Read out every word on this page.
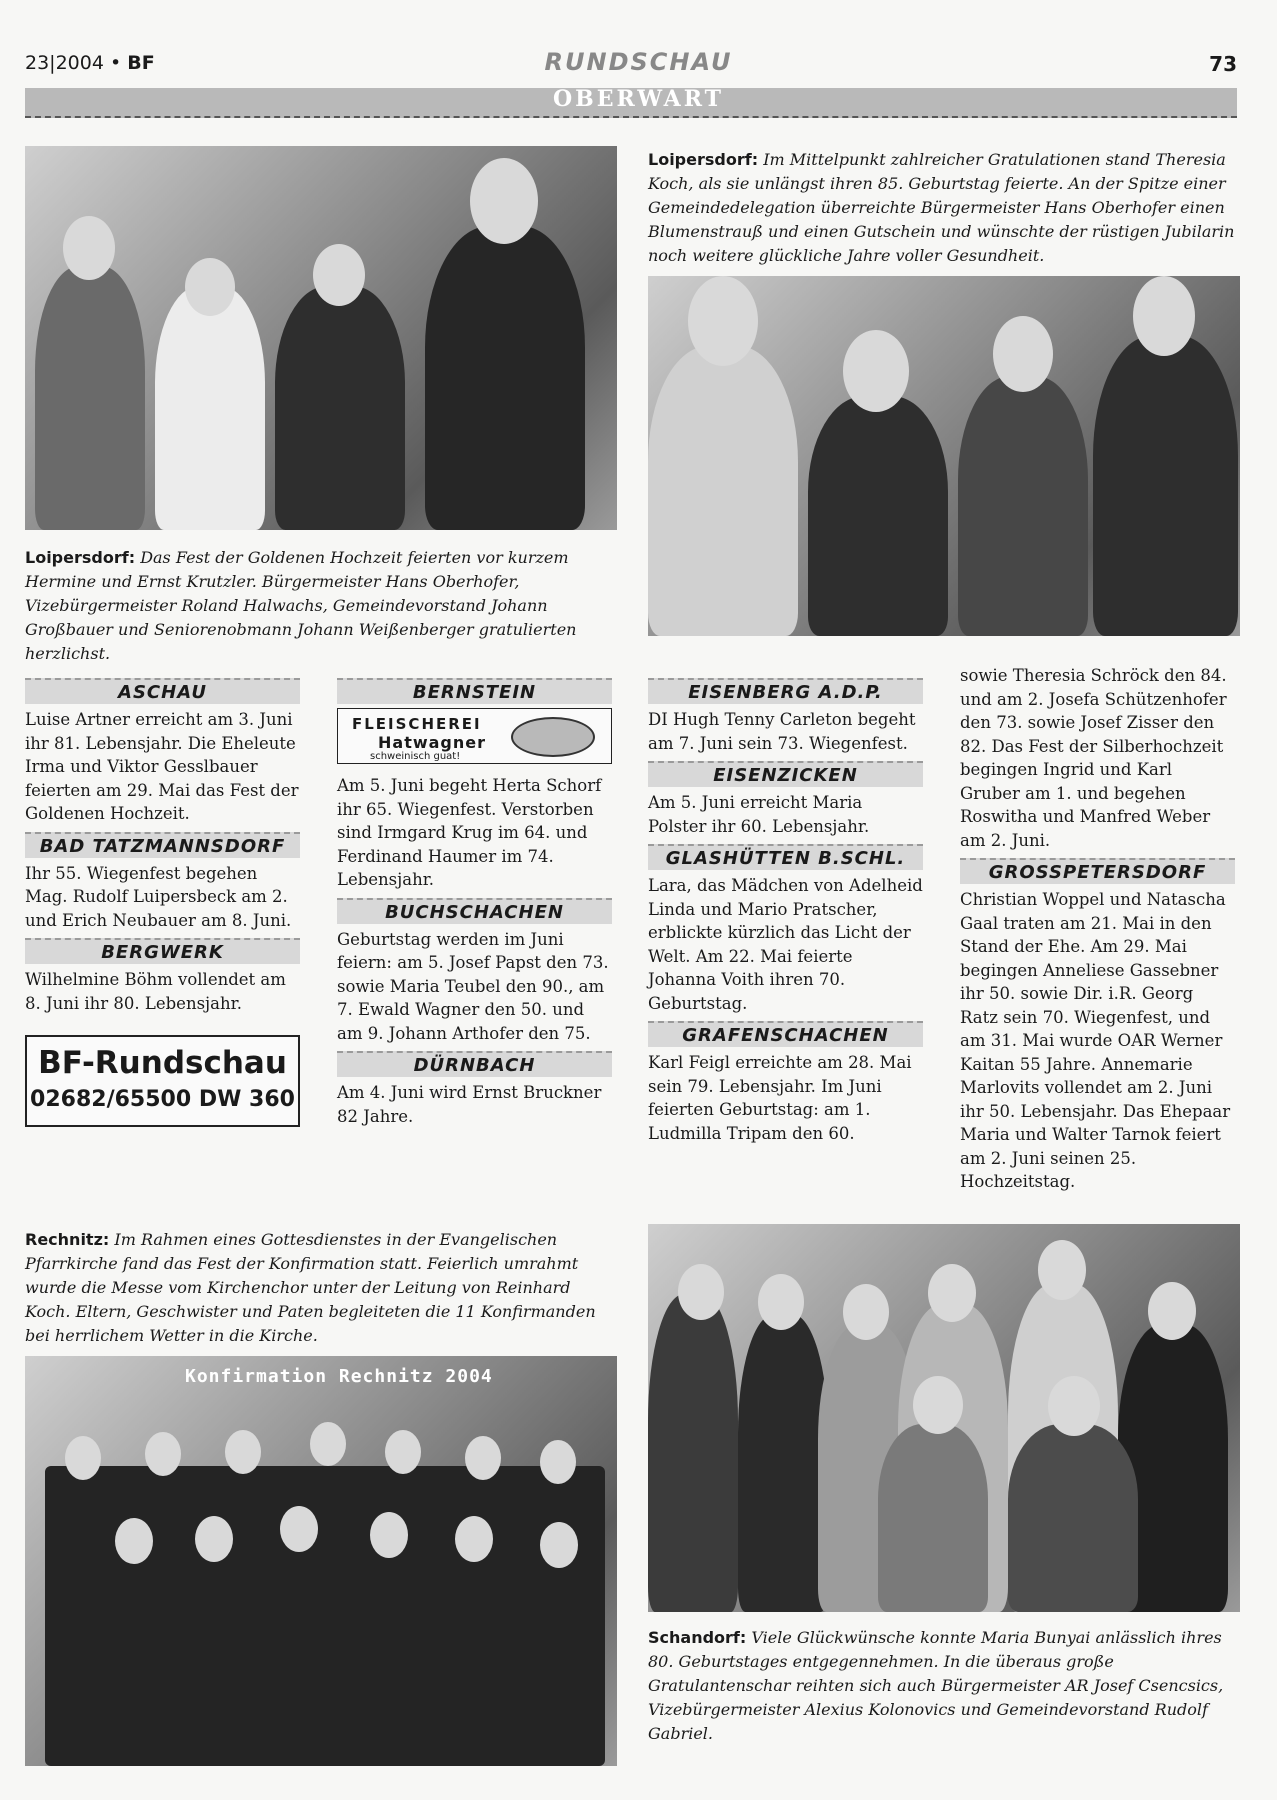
23|2004 • BF	RUNDSCHAU	73
OBERWART
Loipersdorf: Im Mittelpunkt zahlreicher Gratulationen stand Theresia Koch, als sie unlängst ihren 85. Geburtstag feierte. An der Spitze einer Gemeindedelegation überreichte Bürgermeister Hans Oberhofer einen Blumenstrauß und einen Gutschein und wünschte der rüstigen Jubilarin noch weitere glückliche Jahre voller Gesundheit.
Loipersdorf: Das Fest der Goldenen Hochzeit feierten vor kurzem Hermine und Ernst Krutzler. Bürgermeister Hans Oberhofer, Vizebürgermeister Roland Halwachs, Gemeindevorstand Johann Großbauer und Seniorenobmann Johann Weißenberger gratulierten herzlichst.
ASCHAU
Luise Artner erreicht am 3. Juni ihr 81. Lebensjahr. Die Eheleute Irma und Viktor Gesslbauer feierten am 29. Mai das Fest der Goldenen Hochzeit.
BAD TATZMANNSDORF
Ihr 55. Wiegenfest begehen Mag. Rudolf Luipersbeck am 2. und Erich Neubauer am 8. Juni.
BERGWERK
Wilhelmine Böhm vollendet am 8. Juni ihr 80. Lebensjahr.
BF-Rundschau
02682/65500 DW 360
BERNSTEIN
FLEISCHEREI
Hatwagner
schweinisch guat!
Am 5. Juni begeht Herta Schorf ihr 65. Wiegenfest. Verstorben sind Irmgard Krug im 64. und Ferdinand Haumer im 74. Lebensjahr.
BUCHSCHACHEN
Geburtstag werden im Juni feiern: am 5. Josef Papst den 73. sowie Maria Teubel den 90., am 7. Ewald Wagner den 50. und am 9. Johann Arthofer den 75.
DÜRNBACH
Am 4. Juni wird Ernst Bruckner 82 Jahre.
EISENBERG A.D.P.
DI Hugh Tenny Carleton begeht am 7. Juni sein 73. Wiegenfest.
EISENZICKEN
Am 5. Juni erreicht Maria Polster ihr 60. Lebensjahr.
GLASHÜTTEN B.SCHL.
Lara, das Mädchen von Adelheid Linda und Mario Pratscher, erblickte kürzlich das Licht der Welt. Am 22. Mai feierte Johanna Voith ihren 70. Geburtstag.
GRAFENSCHACHEN
Karl Feigl erreichte am 28. Mai sein 79. Lebensjahr. Im Juni feierten Geburtstag: am 1. Ludmilla Tripam den 60.
sowie Theresia Schröck den 84. und am 2. Josefa Schützenhofer den 73. sowie Josef Zisser den 82. Das Fest der Silberhochzeit begingen Ingrid und Karl Gruber am 1. und begehen Roswitha und Manfred Weber am 2. Juni.
GROSSPETERSDORF
Christian Woppel und Natascha Gaal traten am 21. Mai in den Stand der Ehe. Am 29. Mai begingen Anneliese Gassebner ihr 50. sowie Dir. i.R. Georg Ratz sein 70. Wiegenfest, und am 31. Mai wurde OAR Werner Kaitan 55 Jahre. Annemarie Marlovits vollendet am 2. Juni ihr 50. Lebensjahr. Das Ehepaar Maria und Walter Tarnok feiert am 2. Juni seinen 25. Hochzeitstag.
Rechnitz: Im Rahmen eines Gottesdienstes in der Evangelischen Pfarrkirche fand das Fest der Konfirmation statt. Feierlich umrahmt wurde die Messe vom Kirchenchor unter der Leitung von Reinhard Koch. Eltern, Geschwister und Paten begleiteten die 11 Konfirmanden bei herrlichem Wetter in die Kirche.
Konfirmation Rechnitz 2004
Schandorf: Viele Glückwünsche konnte Maria Bunyai anlässlich ihres 80. Geburtstages entgegennehmen. In die überaus große Gratulantenschar reihten sich auch Bürgermeister AR Josef Csencsics, Vizebürgermeister Alexius Kolonovics und Gemeindevorstand Rudolf Gabriel.
